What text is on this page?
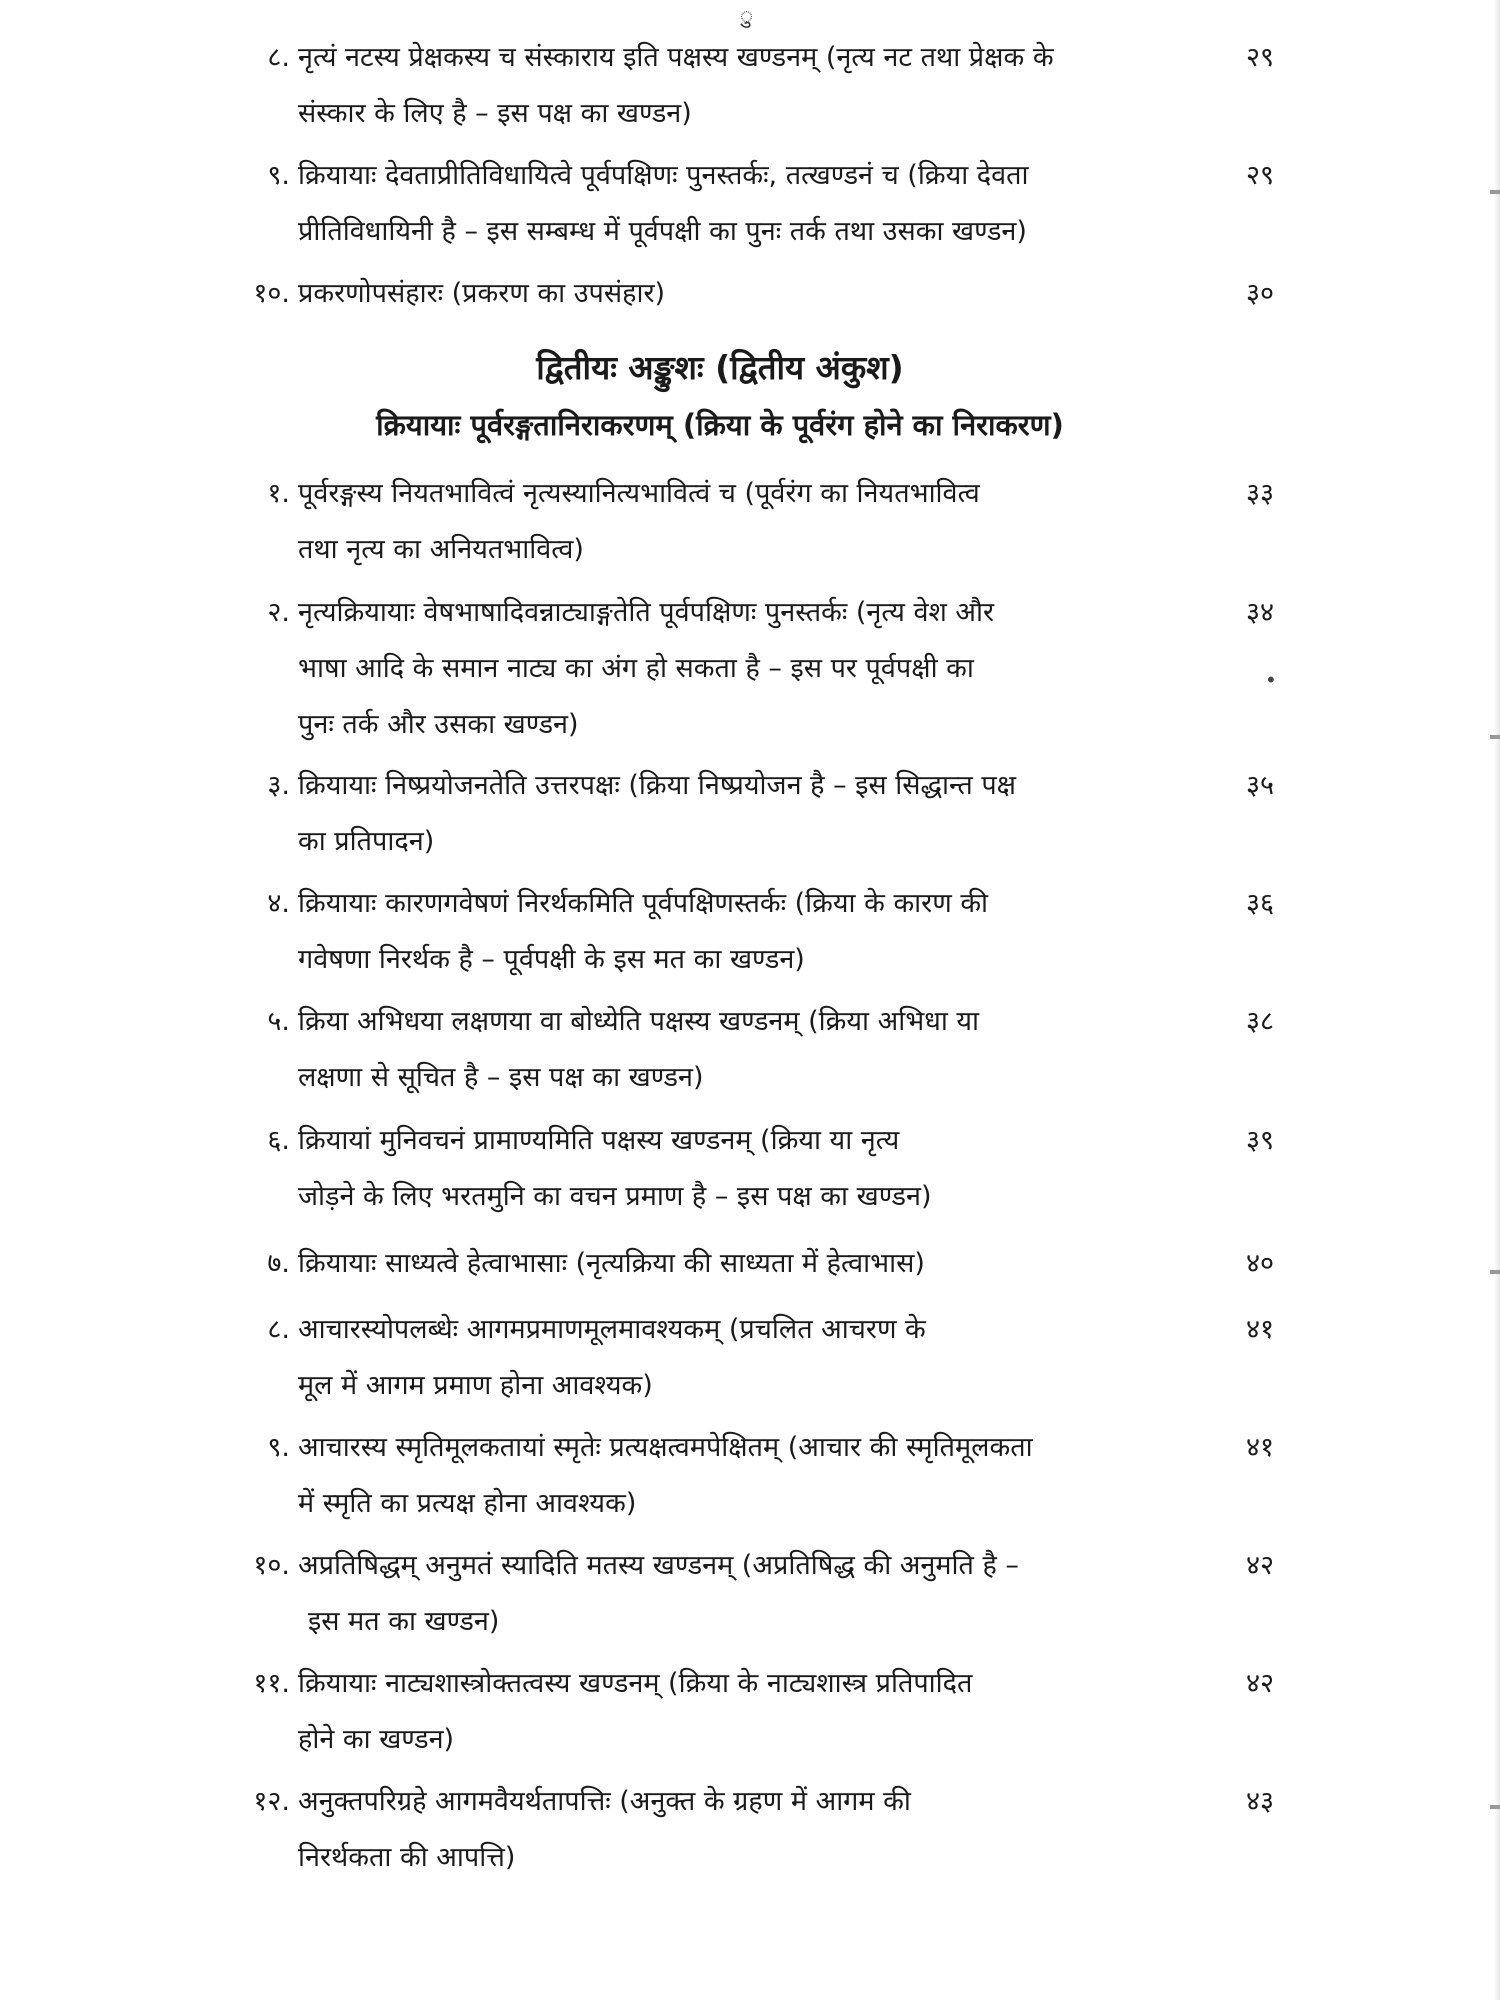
ु
८. नृत्यं नटस्य प्रेक्षकस्य च संस्काराय इति पक्षस्य खण्डनम् (नृत्य नट तथा प्रेक्षक के
संस्कार के लिए है – इस पक्ष का खण्डन)
२९
९. क्रियायाः देवताप्रीतिविधायित्वे पूर्वपक्षिणः पुनस्तर्कः, तत्खण्डनं च (क्रिया देवता
प्रीतिविधायिनी है – इस सम्बम्ध में पूर्वपक्षी का पुनः तर्क तथा उसका खण्डन)
२९
१०. प्रकरणोपसंहारः (प्रकरण का उपसंहार)	३०
द्वितीयः अङ्कुशः (द्वितीय अंकुश)
क्रियायाः पूर्वरङ्गतानिराकरणम् (क्रिया के पूर्वरंग होने का निराकरण)
१. पूर्वरङ्गस्य नियतभावित्वं नृत्यस्यानित्यभावित्वं च (पूर्वरंग का नियतभावित्व
तथा नृत्य का अनियतभावित्व)
३३
२. नृत्यक्रियायाः वेषभाषादिवन्नाट्याङ्गतेति पूर्वपक्षिणः पुनस्तर्कः (नृत्य वेश और
भाषा आदि के समान नाट्य का अंग हो सकता है – इस पर पूर्वपक्षी का
पुनः तर्क और उसका खण्डन)
३४
३. क्रियायाः निष्प्रयोजनतेति उत्तरपक्षः (क्रिया निष्प्रयोजन है – इस सिद्धान्त पक्ष
का प्रतिपादन)
३५
४. क्रियायाः कारणगवेषणं निरर्थकमिति पूर्वपक्षिणस्तर्कः (क्रिया के कारण की
गवेषणा निरर्थक है – पूर्वपक्षी के इस मत का खण्डन)
३६
५. क्रिया अभिधया लक्षणया वा बोध्येति पक्षस्य खण्डनम् (क्रिया अभिधा या
लक्षणा से सूचित है – इस पक्ष का खण्डन)
३८
६. क्रियायां मुनिवचनं प्रामाण्यमिति पक्षस्य खण्डनम् (क्रिया या नृत्य
जोड़ने के लिए भरतमुनि का वचन प्रमाण है – इस पक्ष का खण्डन)
३९
७. क्रियायाः साध्यत्वे हेत्वाभासाः (नृत्यक्रिया की साध्यता में हेत्वाभास)	४०
८. आचारस्योपलब्धेः आगमप्रमाणमूलमावश्यकम् (प्रचलित आचरण के
मूल में आगम प्रमाण होना आवश्यक)
४१
९. आचारस्य स्मृतिमूलकतायां स्मृतेः प्रत्यक्षत्वमपेक्षितम् (आचार की स्मृतिमूलकता
में स्मृति का प्रत्यक्ष होना आवश्यक)
४१
१०. अप्रतिषिद्धम् अनुमतं स्यादिति मतस्य खण्डनम् (अप्रतिषिद्ध की अनुमति है –
इस मत का खण्डन)
४२
११. क्रियायाः नाट्यशास्त्रोक्तत्वस्य खण्डनम् (क्रिया के नाट्यशास्त्र प्रतिपादित
होने का खण्डन)
४२
१२. अनुक्तपरिग्रहे आगमवैयर्थतापत्तिः (अनुक्त के ग्रहण में आगम की
निरर्थकता की आपत्ति)
४३
•
